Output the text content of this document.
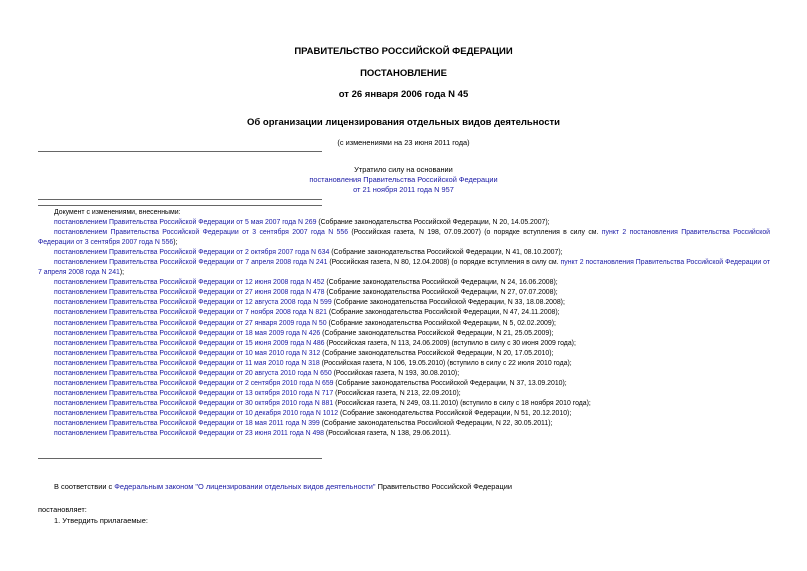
ПРАВИТЕЛЬСТВО РОССИЙСКОЙ ФЕДЕРАЦИИ
ПОСТАНОВЛЕНИЕ
от 26 января 2006 года N 45
Об организации лицензирования отдельных видов деятельности
(с изменениями на 23 июня 2011 года)
Утратило силу на основании
постановления Правительства Российской Федерации
от 21 ноября 2011 года N 957

Документ с изменениями, внесенными:

постановлением Правительства Российской Федерации от 5 мая 2007 года N 269 (Собрание законодательства Российской Федерации, N 20, 14.05.2007);

постановлением Правительства Российской Федерации от 3 сентября 2007 года N 556 (Российская газета, N 198, 07.09.2007) (о порядке вступления в силу см. пункт 2 постановления Правительства Российской Федерации от 3 сентября 2007 года N 556);

постановлением Правительства Российской Федерации от 2 октября 2007 года N 634 (Собрание законодательства Российской Федерации, N 41, 08.10.2007);

постановлением Правительства Российской Федерации от 7 апреля 2008 года N 241 (Российская газета, N 80, 12.04.2008) (о порядке вступления в силу см. пункт 2 постановления Правительства Российской Федерации от 7 апреля 2008 года N 241);

постановлением Правительства Российской Федерации от 12 июня 2008 года N 452 (Собрание законодательства Российской Федерации, N 24, 16.06.2008);

постановлением Правительства Российской Федерации от 27 июня 2008 года N 478 (Собрание законодательства Российской Федерации, N 27, 07.07.2008);

постановлением Правительства Российской Федерации от 12 августа 2008 года N 599 (Собрание законодательства Российской Федерации, N 33, 18.08.2008);

постановлением Правительства Российской Федерации от 7 ноября 2008 года N 821 (Собрание законодательства Российской Федерации, N 47, 24.11.2008);

постановлением Правительства Российской Федерации от 27 января 2009 года N 50 (Собрание законодательства Российской Федерации, N 5, 02.02.2009);

постановлением Правительства Российской Федерации от 18 мая 2009 года N 426 (Собрание законодательства Российской Федерации, N 21, 25.05.2009);

постановлением Правительства Российской Федерации от 15 июня 2009 года N 486 (Российская газета, N 113, 24.06.2009) (вступило в силу с 30 июня 2009 года);

постановлением Правительства Российской Федерации от 10 мая 2010 года N 312 (Собрание законодательства Российской Федерации, N 20, 17.05.2010);

постановлением Правительства Российской Федерации от 11 мая 2010 года N 318 (Российская газета, N 106, 19.05.2010) (вступило в силу с 22 июля 2010 года);

постановлением Правительства Российской Федерации от 20 августа 2010 года N 650 (Российская газета, N 193, 30.08.2010);

постановлением Правительства Российской Федерации от 2 сентября 2010 года N 659 (Собрание законодательства Российской Федерации, N 37, 13.09.2010);

постановлением Правительства Российской Федерации от 13 октября 2010 года N 717 (Российская газета, N 213, 22.09.2010);

постановлением Правительства Российской Федерации от 30 октября 2010 года N 881 (Российская газета, N 249, 03.11.2010) (вступило в силу с 18 ноября 2010 года);

постановлением Правительства Российской Федерации от 10 декабря 2010 года N 1012 (Собрание законодательства Российской Федерации, N 51, 20.12.2010);

постановлением Правительства Российской Федерации от 18 мая 2011 года N 399 (Собрание законодательства Российской Федерации, N 22, 30.05.2011);

постановлением Правительства Российской Федерации от 23 июня 2011 года N 498 (Российская газета, N 138, 29.06.2011).

В соответствии с Федеральным законом "О лицензировании отдельных видов деятельности" Правительство Российской Федерации
постановляет:
1. Утвердить прилагаемые:
